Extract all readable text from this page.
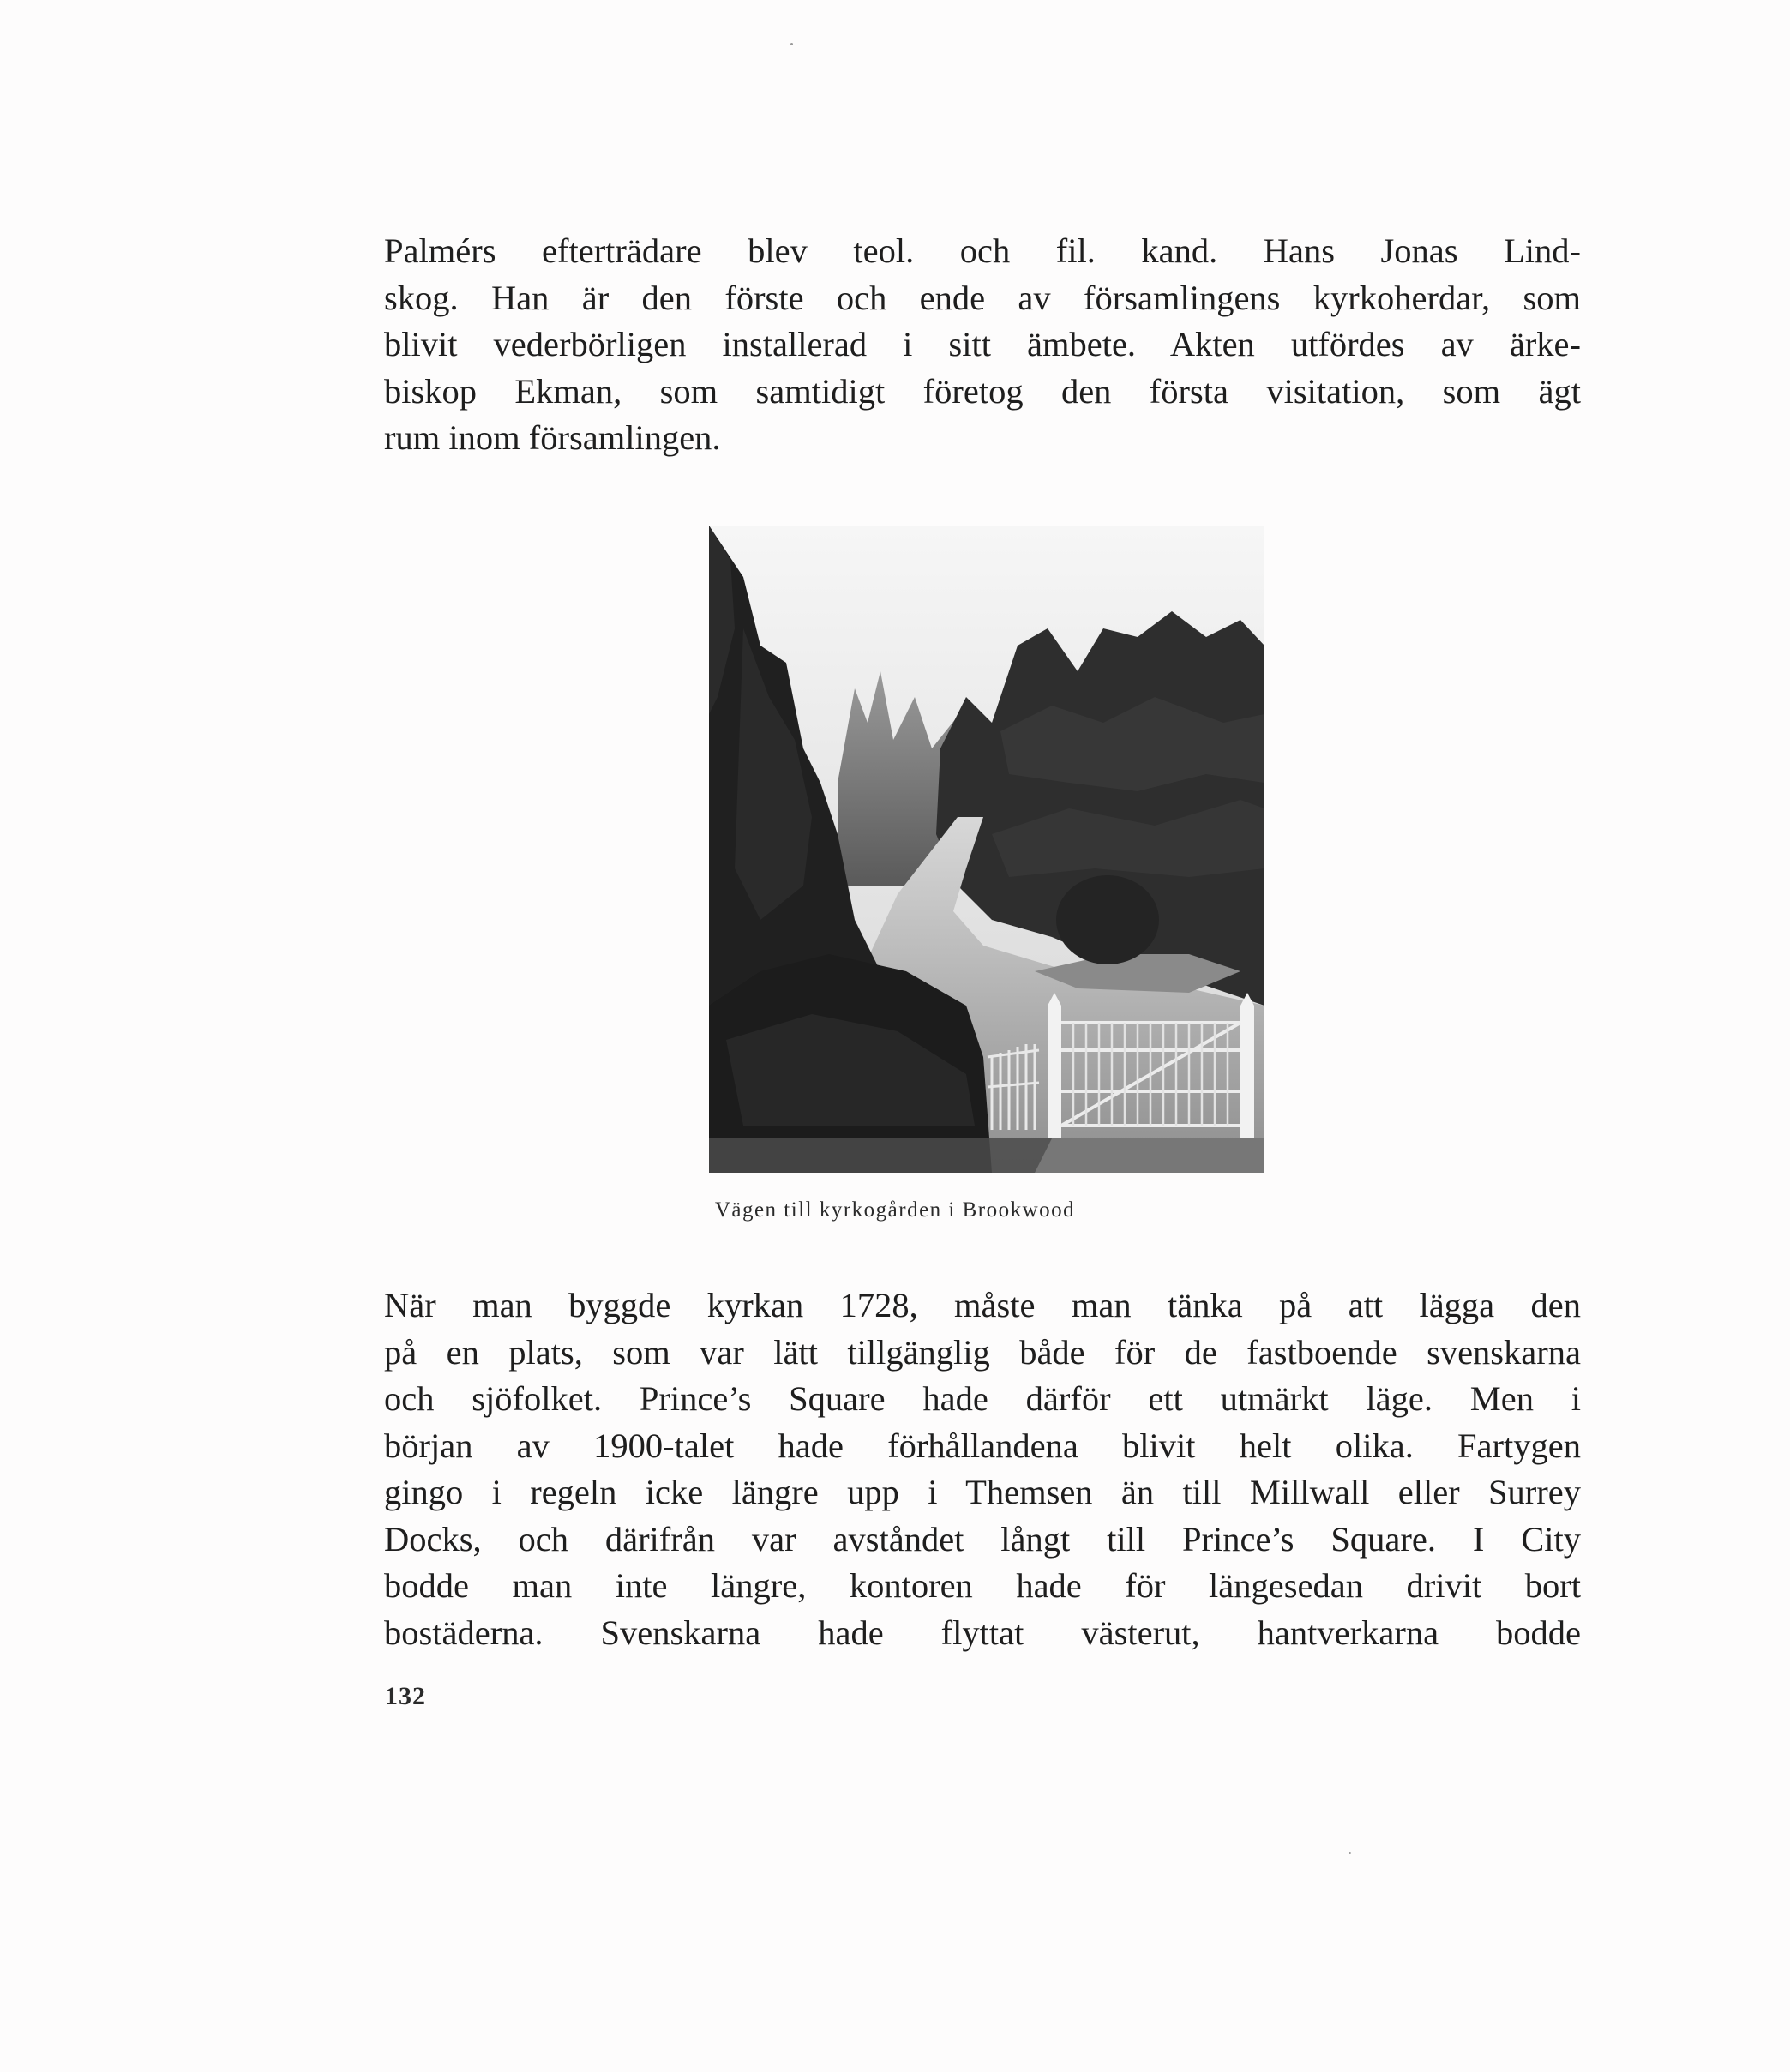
Palmérs efterträdare blev teol. och fil. kand. Hans Jonas Lind-
skog. Han är den förste och ende av församlingens kyrkoherdar, som
blivit vederbörligen installerad i sitt ämbete. Akten utfördes av ärke-
biskop Ekman, som samtidigt företog den första visitation, som ägt
rum inom församlingen.

Vägen till kyrkogården i Brookwood

När man byggde kyrkan 1728, måste man tänka på att lägga den
på en plats, som var lätt tillgänglig både för de fastboende svenskarna
och sjöfolket. Prince’s Square hade därför ett utmärkt läge. Men i
början av 1900-talet hade förhållandena blivit helt olika. Fartygen
gingo i regeln icke längre upp i Themsen än till Millwall eller Surrey
Docks, och därifrån var avståndet långt till Prince’s Square. I City
bodde man inte längre, kontoren hade för längesedan drivit bort
bostäderna. Svenskarna hade flyttat västerut, hantverkarna bodde

132
